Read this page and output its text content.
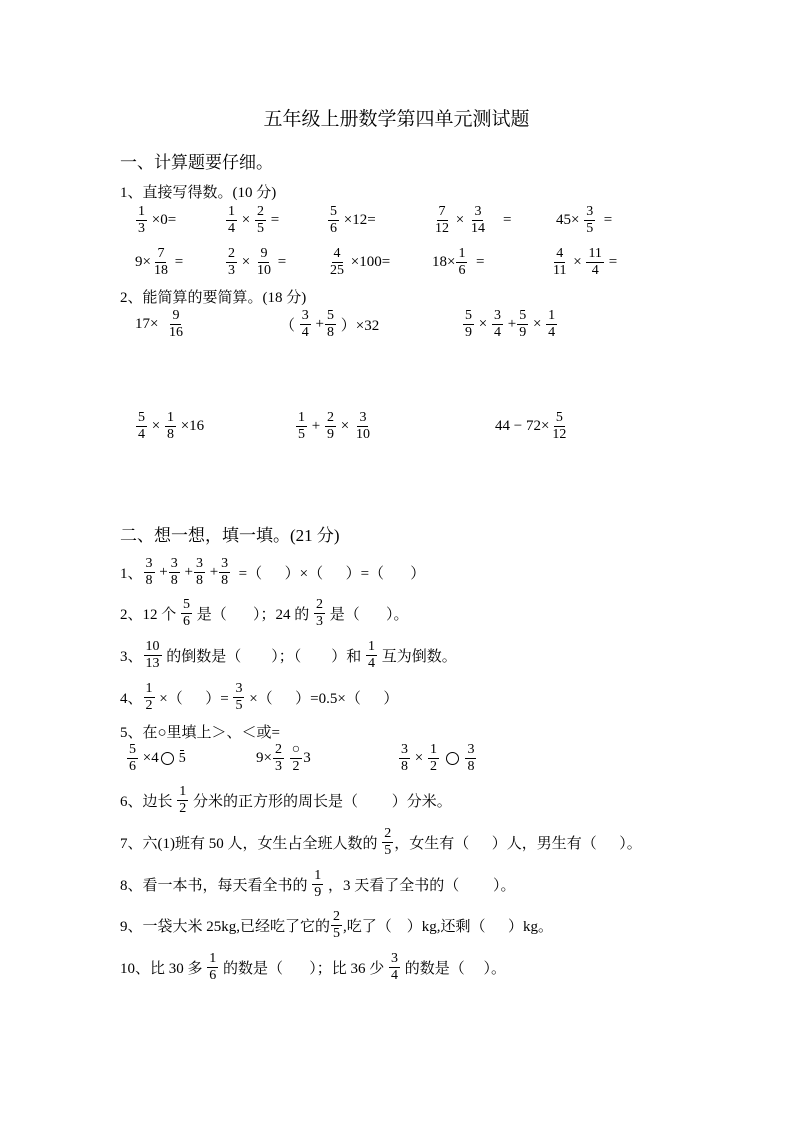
五年级上册数学第四单元测试题
一、计算题要仔细。
1、直接写得数。(10 分)
$\frac{1}{3} \times 0=$	$\frac{1}{4} \times \frac{2}{5}$ =	$\frac{5}{6} \times 12=$	$\frac{7}{12} \times \frac{3}{14}$ =	$45\times \frac{3}{5}$ =
$9\times \frac{7}{18}$ =	$\frac{2}{3} \times \frac{9}{10}$ =	$\frac{4}{25} \times 100=$	$18\times \frac{1}{6}$ =	$\frac{4}{11} \times \frac{11}{4}$ =
2、能简算的要简算。(18 分)
$17\times \frac{9}{16}$	（ $\frac{3}{4} + \frac{5}{8} )\times 32$	$\frac{5}{9} \times \frac{3}{4} + \frac{5}{9} \times \frac{1}{4}$
$\frac{5}{4} \times \frac{1}{8} \times 16$	$\frac{1}{5} + \frac{2}{9} \times \frac{3}{10}$	$44 - 72\times \frac{5}{12}$
二、想一想，填一填。(21 分)
1、 $\frac{3}{8} + \frac{3}{8} + \frac{3}{8} + \frac{3}{8}$ =（      ）×（      ）=（       ）
2、12 个 $\frac{5}{6}$ 是（       ）；24 的 $\frac{2}{3}$ 是（       ）。
3、 $\frac{10}{13}$ 的倒数是（        ）；（        ）和 $\frac{1}{4}$ 互为倒数。
4、 $\frac{1}{2}$ ×（      ）= $\frac{3}{5}$ ×（      ）=0.5×（      ）
5、在○里填上＞、＜或=
$\frac{5}{6} \times 4$ 5	$9\times \frac{2}{3}$
$\frac{○}{2} 3$	$\frac{3}{8} \times \frac{1}{2}$

$\frac{3}{8}$
6、边长 $\frac{1}{2}$ 分米的正方形的周长是（         ）分米。
7、六(1)班有 50 人，女生占全班人数的 $\frac{2}{5}$ ，女生有（      ）人，男生有（      ）。
8、看一本书，每天看全书的 $\frac{1}{9}$ ，3 天看了全书的（         ）。
9、一袋大米 25kg,已经吃了它的 $\frac{2}{5}$ ,吃了（    ）kg,还剩（      ）kg。
10、比 30 多 $\frac{1}{6}$ 的数是（       ）；比 36 少 $\frac{3}{4}$ 的数是（     ）。
